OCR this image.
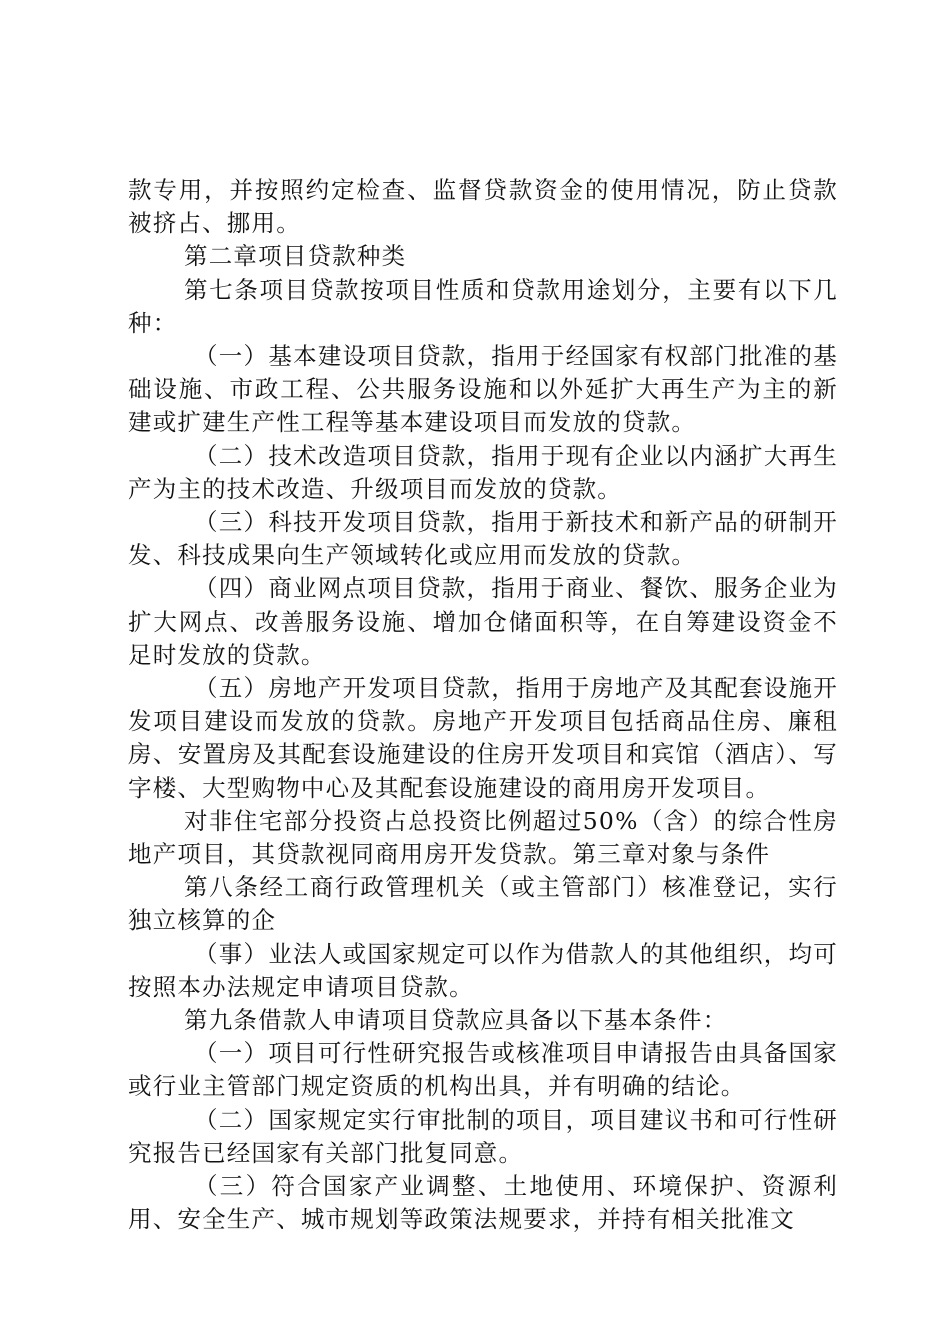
款专用，并按照约定检查、监督贷款资金的使用情况，防止贷款被挤占、挪用。

第二章项目贷款种类

第七条项目贷款按项目性质和贷款用途划分，主要有以下几种：

（一）基本建设项目贷款，指用于经国家有权部门批准的基础设施、市政工程、公共服务设施和以外延扩大再生产为主的新建或扩建生产性工程等基本建设项目而发放的贷款。

（二）技术改造项目贷款，指用于现有企业以内涵扩大再生产为主的技术改造、升级项目而发放的贷款。

（三）科技开发项目贷款，指用于新技术和新产品的研制开发、科技成果向生产领域转化或应用而发放的贷款。

（四）商业网点项目贷款，指用于商业、餐饮、服务企业为扩大网点、改善服务设施、增加仓储面积等，在自筹建设资金不足时发放的贷款。

（五）房地产开发项目贷款，指用于房地产及其配套设施开发项目建设而发放的贷款。房地产开发项目包括商品住房、廉租房、安置房及其配套设施建设的住房开发项目和宾馆（酒店）、写字楼、大型购物中心及其配套设施建设的商用房开发项目。

对非住宅部分投资占总投资比例超过50%（含）的综合性房地产项目，其贷款视同商用房开发贷款。第三章对象与条件

第八条经工商行政管理机关（或主管部门）核准登记，实行独立核算的企

（事）业法人或国家规定可以作为借款人的其他组织，均可按照本办法规定申请项目贷款。

第九条借款人申请项目贷款应具备以下基本条件：

（一）项目可行性研究报告或核准项目申请报告由具备国家或行业主管部门规定资质的机构出具，并有明确的结论。

（二）国家规定实行审批制的项目，项目建议书和可行性研究报告已经国家有关部门批复同意。

（三）符合国家产业调整、土地使用、环境保护、资源利用、安全生产、城市规划等政策法规要求，并持有相关批准文
